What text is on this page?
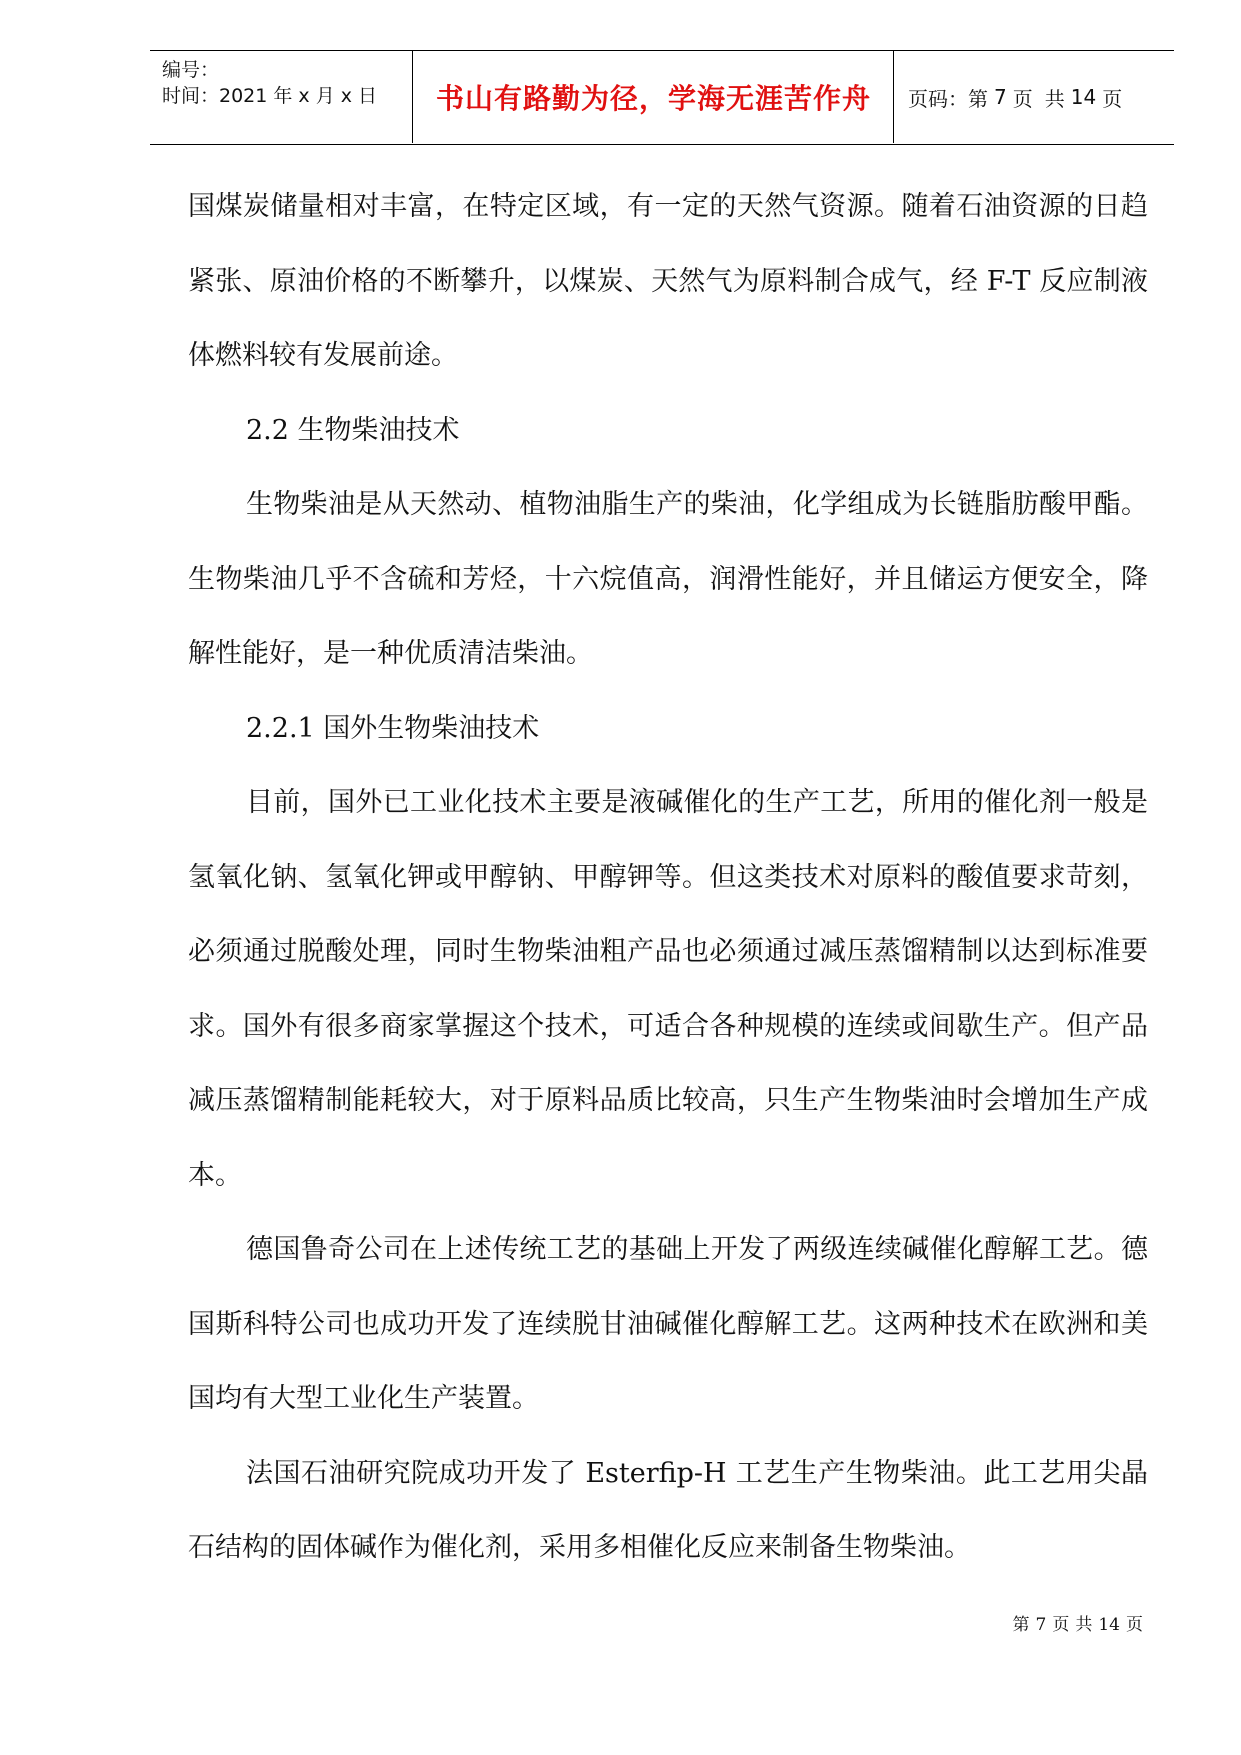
编号：
时间：2021 年 x 月 x 日	书山有路勤为径，学海无涯苦作舟	页码：第 7 页 共 14 页

国煤炭储量相对丰富，在特定区域，有一定的天然气资源。随着石油资源的日趋紧张、原油价格的不断攀升，以煤炭、天然气为原料制合成气，经 F-T 反应制液体燃料较有发展前途。

2.2 生物柴油技术

生物柴油是从天然动、植物油脂生产的柴油，化学组成为长链脂肪酸甲酯。生物柴油几乎不含硫和芳烃，十六烷值高，润滑性能好，并且储运方便安全，降解性能好，是一种优质清洁柴油。

2.2.1 国外生物柴油技术

目前，国外已工业化技术主要是液碱催化的生产工艺，所用的催化剂一般是氢氧化钠、氢氧化钾或甲醇钠、甲醇钾等。但这类技术对原料的酸值要求苛刻，必须通过脱酸处理，同时生物柴油粗产品也必须通过减压蒸馏精制以达到标准要求。国外有很多商家掌握这个技术，可适合各种规模的连续或间歇生产。但产品减压蒸馏精制能耗较大，对于原料品质比较高，只生产生物柴油时会增加生产成本。

德国鲁奇公司在上述传统工艺的基础上开发了两级连续碱催化醇解工艺。德国斯科特公司也成功开发了连续脱甘油碱催化醇解工艺。这两种技术在欧洲和美国均有大型工业化生产装置。

法国石油研究院成功开发了 Esterfip-H 工艺生产生物柴油。此工艺用尖晶石结构的固体碱作为催化剂，采用多相催化反应来制备生物柴油。

第 7 页 共 14 页
